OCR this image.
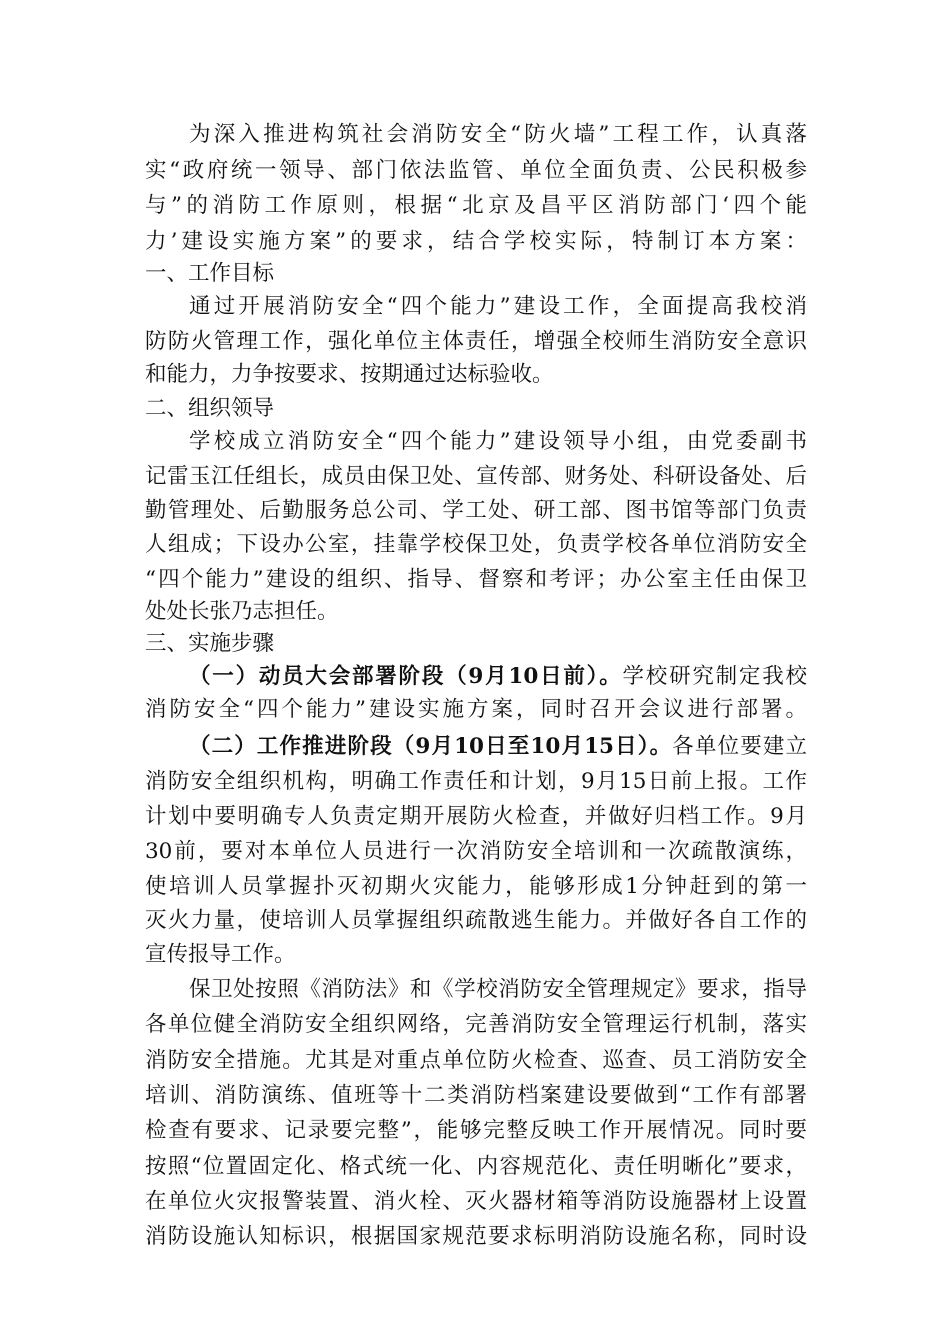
为深入推进构筑社会消防安全“防火墙”工程工作，认真落
实“政府统一领导、部门依法监管、单位全面负责、公民积极参
与”的消防工作原则，根据“北京及昌平区消防部门‘四个能
力’建设实施方案”的要求，结合学校实际，特制订本方案：
一、工作目标
通过开展消防安全“四个能力”建设工作，全面提高我校消
防防火管理工作，强化单位主体责任，增强全校师生消防安全意识
和能力，力争按要求、按期通过达标验收。
二、组织领导
学校成立消防安全“四个能力”建设领导小组，由党委副书
记雷玉江任组长，成员由保卫处、宣传部、财务处、科研设备处、后
勤管理处、后勤服务总公司、学工处、研工部、图书馆等部门负责
人组成；下设办公室，挂靠学校保卫处，负责学校各单位消防安全
“四个能力”建设的组织、指导、督察和考评；办公室主任由保卫
处处长张乃志担任。
三、实施步骤
（一）动员大会部署阶段（9月10日前）。学校研究制定我校
消防安全“四个能力”建设实施方案，同时召开会议进行部署。
（二）工作推进阶段（9月10日至10月15日）。各单位要建立
消防安全组织机构，明确工作责任和计划，9月15日前上报。工作
计划中要明确专人负责定期开展防火检查，并做好归档工作。9月
30前，要对本单位人员进行一次消防安全培训和一次疏散演练，
使培训人员掌握扑灭初期火灾能力，能够形成1分钟赶到的第一
灭火力量，使培训人员掌握组织疏散逃生能力。并做好各自工作的
宣传报导工作。
保卫处按照《消防法》和《学校消防安全管理规定》要求，指导
各单位健全消防安全组织网络，完善消防安全管理运行机制，落实
消防安全措施。尤其是对重点单位防火检查、巡查、员工消防安全
培训、消防演练、值班等十二类消防档案建设要做到“工作有部署
检查有要求、记录要完整”，能够完整反映工作开展情况。同时要
按照“位置固定化、格式统一化、内容规范化、责任明晰化”要求，
在单位火灾报警装置、消火栓、灭火器材箱等消防设施器材上设置
消防设施认知标识，根据国家规范要求标明消防设施名称，同时设
